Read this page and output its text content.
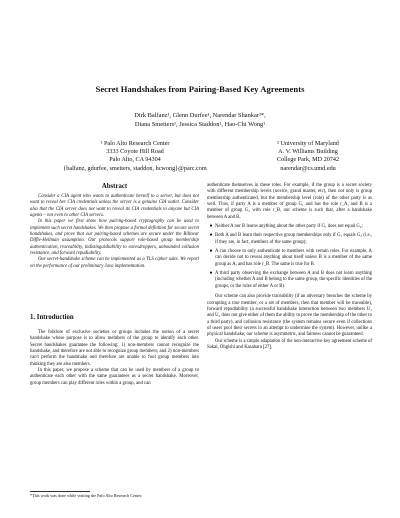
Secret Handshakes from Pairing-Based Key Agreements
Dirk Balfanz¹, Glenn Durfee¹, Narendar Shankar²*,
Diana Smetters¹, Jessica Staddon¹, Hao-Chi Wong¹
¹ Palo Alto Research Center
3333 Coyote Hill Road
Palo Alto, CA 94304
{balfanz, gdurfee, smetters, staddon, hcwong}@parc.com
² University of Maryland
A. V. Williams Building
College Park, MD 20742
narendar@cs.umd.edu
Abstract

Consider a CIA agent who wants to authenticate herself to a server, but does not want to reveal her CIA credentials unless the server is a genuine CIA outlet. Consider also that the CIA server does not want to reveal its CIA credentials to anyone but CIA agents – not even to other CIA servers.

In this paper we first show how pairing-based cryptography can be used to implement such secret handshakes. We then propose a formal definition for secure secret handshakes, and prove that our pairing-based schemes are secure under the Bilinear Diffie-Hellman assumption. Our protocols support role-based group membership authentication, traceability, indistinguishability to eavesdroppers, unbounded collusion resistance, and forward repudiability.

Our secret-handshake scheme can be implemented as a TLS cipher suite. We report on the performance of our preliminary Java implementation.

1. Introduction

The folklore of exclusive societies or groups includes the notion of a secret handshake whose purpose is to allow members of the group to identify each other. Secret handshakes guarantee the following: 1) non-members cannot recognize the handshake, and therefore are not able to recognize group members; and 2) non-members can't perform the handshake and therefore are unable to fool group members into thinking they are also members.

In this paper, we propose a scheme that can be used by members of a group to authenticate each other with the same guarantees as a secret handshake. Moreover, group members can play different roles within a group, and can

*This work was done while visiting the Palo Alto Research Center.

authenticate themselves in these roles. For example, if the group is a secret society with different membership levels (novice, grand master, etc), then not only is group membership authenticated, but the membership level (role) of the other party is as well. Thus, if party A is a member of group G₁ and has the role r_A, and B is a member of group G₂ with role r_B, our scheme is such that, after a handshake between A and B,

● Neither A nor B learns anything about the other party if G₁ does not equal G₂;
● Both A and B learn their respective group memberships only if G₁ equals G₂ (i.e., if they are, in fact, members of the same group);
● A can choose to only authenticate to members with certain roles. For example, A can decide not to reveal anything about itself unless B is a member of the same group as A, and has role r_B. The same is true for B.
● A third party observing the exchange between A and B does not learn anything (including whether A and B belong to the same group, the specific identities of the groups, or the roles of either A or B).

Our scheme can also provide traceability (if an adversary breaches the scheme by corrupting a true member, or a set of members, then that member will be traceable), forward repudiability (a successful handshake interaction between two members U₁ and U₂ does not give either of them the ability to prove the membership of the other to a third party), and collusion resistance (the system remains secure even if collections of users pool their secrets in an attempt to undermine the system). However, unlike a physical handshake, our scheme is asymmetric, and fairness cannot be guaranteed.

Our scheme is a simple adaptation of the non-interactive key agreement scheme of Sakai, Ohgishi and Kasahara [27],
